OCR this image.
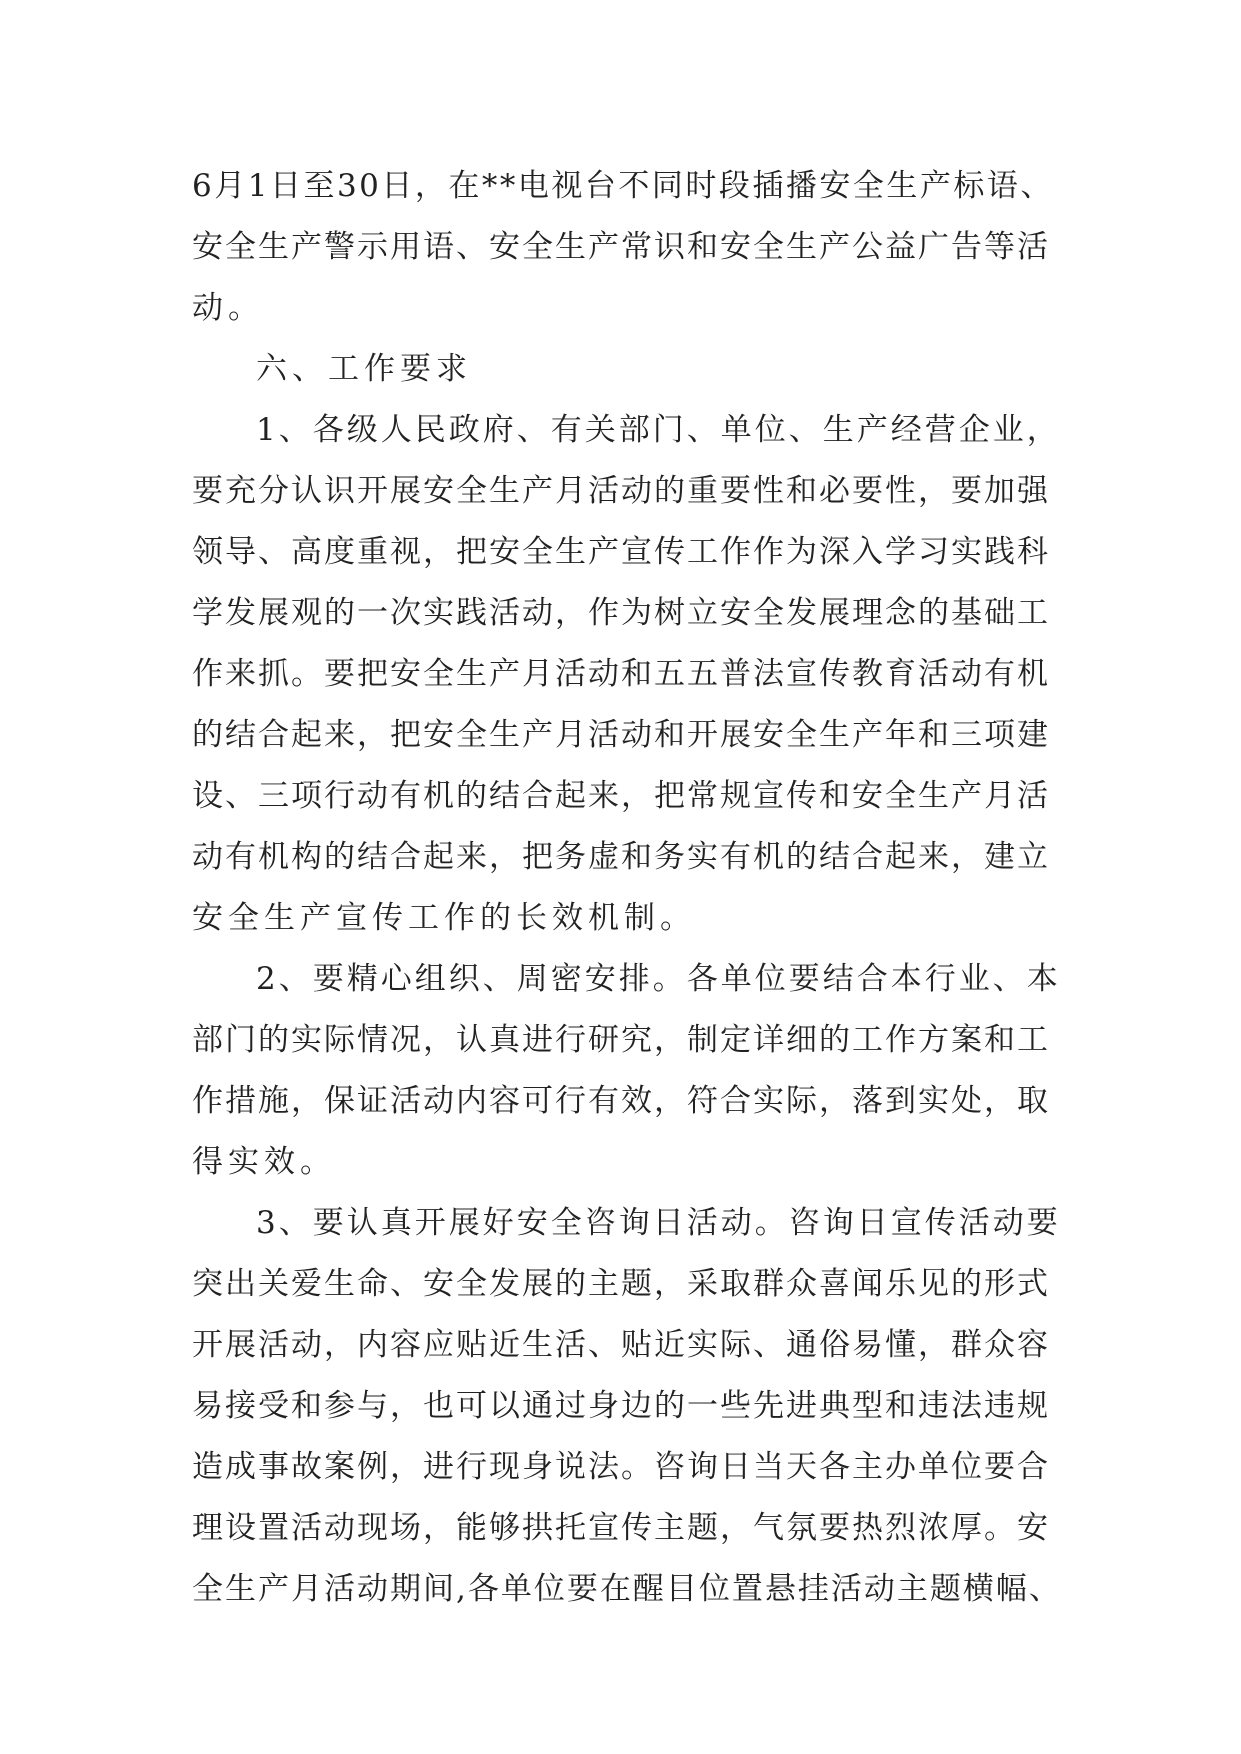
6月1日至30日，在**电视台不同时段插播安全生产标语、
安全生产警示用语、安全生产常识和安全生产公益广告等活
动。
六、工作要求
1、各级人民政府、有关部门、单位、生产经营企业，
要充分认识开展安全生产月活动的重要性和必要性，要加强
领导、高度重视，把安全生产宣传工作作为深入学习实践科
学发展观的一次实践活动，作为树立安全发展理念的基础工
作来抓。要把安全生产月活动和五五普法宣传教育活动有机
的结合起来，把安全生产月活动和开展安全生产年和三项建
设、三项行动有机的结合起来，把常规宣传和安全生产月活
动有机构的结合起来，把务虚和务实有机的结合起来，建立
安全生产宣传工作的长效机制。
2、要精心组织、周密安排。各单位要结合本行业、本
部门的实际情况，认真进行研究，制定详细的工作方案和工
作措施，保证活动内容可行有效，符合实际，落到实处，取
得实效。
3、要认真开展好安全咨询日活动。咨询日宣传活动要
突出关爱生命、安全发展的主题，采取群众喜闻乐见的形式
开展活动，内容应贴近生活、贴近实际、通俗易懂，群众容
易接受和参与，也可以通过身边的一些先进典型和违法违规
造成事故案例，进行现身说法。咨询日当天各主办单位要合
理设置活动现场，能够拱托宣传主题，气氛要热烈浓厚。安
全生产月活动期间,各单位要在醒目位置悬挂活动主题横幅、
